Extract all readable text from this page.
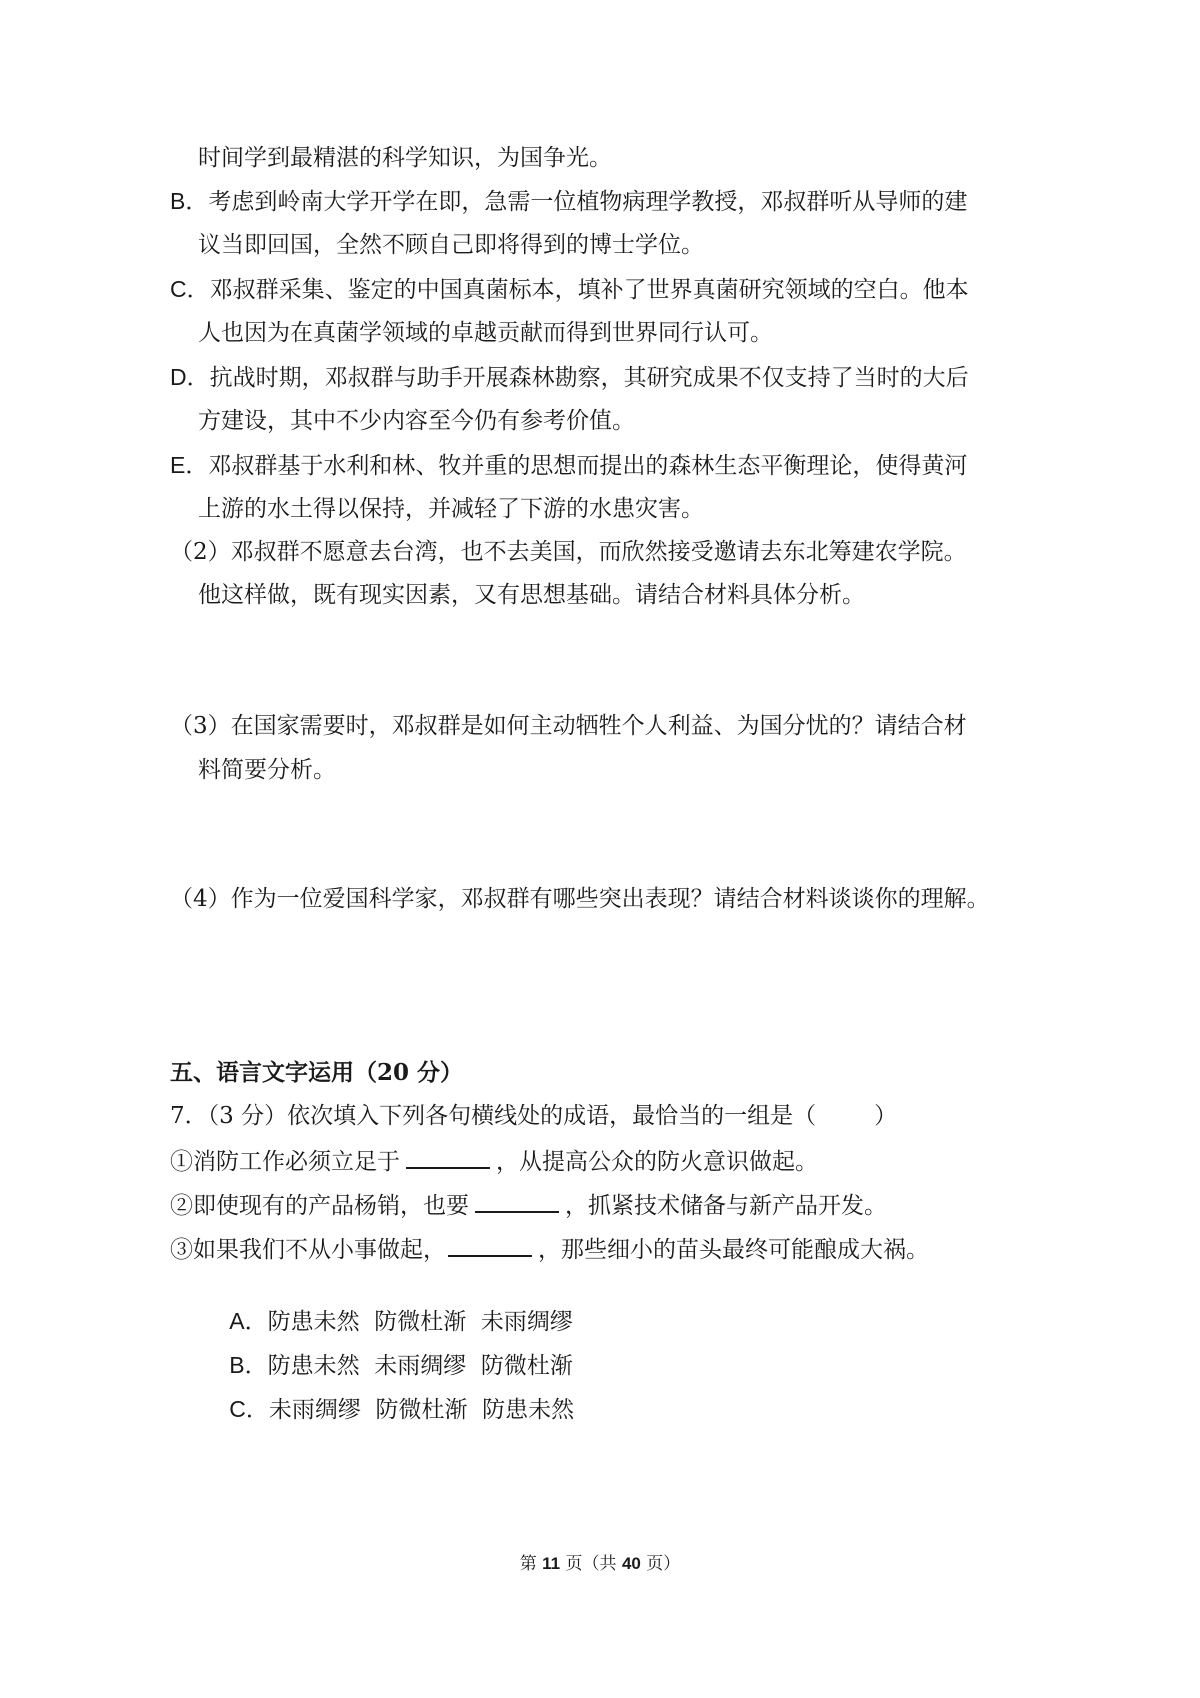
时间学到最精湛的科学知识，为国争光。
B．考虑到岭南大学开学在即，急需一位植物病理学教授，邓叔群听从导师的建
议当即回国，全然不顾自己即将得到的博士学位。
C．邓叔群采集、鉴定的中国真菌标本，填补了世界真菌研究领域的空白。他本
人也因为在真菌学领域的卓越贡献而得到世界同行认可。
D．抗战时期，邓叔群与助手开展森林勘察，其研究成果不仅支持了当时的大后
方建设，其中不少内容至今仍有参考价值。
E．邓叔群基于水利和林、牧并重的思想而提出的森林生态平衡理论，使得黄河
上游的水土得以保持，并减轻了下游的水患灾害。
（2）邓叔群不愿意去台湾，也不去美国，而欣然接受邀请去东北筹建农学院。
他这样做，既有现实因素，又有思想基础。请结合材料具体分析。
（3）在国家需要时，邓叔群是如何主动牺牲个人利益、为国分忧的？请结合材
料简要分析。
（4）作为一位爱国科学家，邓叔群有哪些突出表现？请结合材料谈谈你的理解。
五、语言文字运用（20 分）
7．（3 分）依次填入下列各句横线处的成语，最恰当的一组是（	）
①消防工作必须立足于	，从提高公众的防火意识做起。
②即使现有的产品杨销，也要	，抓紧技术储备与新产品开发。
③如果我们不从小事做起，	，那些细小的苗头最终可能酿成大祸。

A．防患未然  防微杜渐  未雨绸缪

B．防患未然  未雨绸缪  防微杜渐

C．未雨绸缪  防微杜渐  防患未然

第 11 页（共 40 页）
